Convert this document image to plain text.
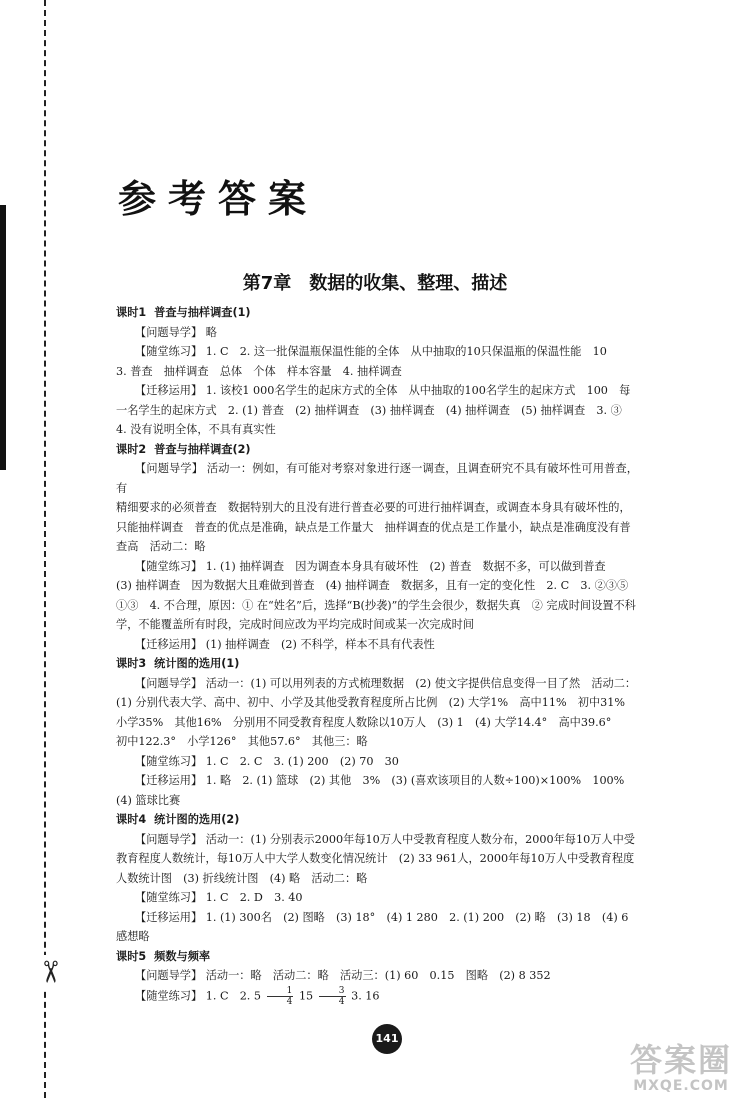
✂
参考答案
第7章　数据的收集、整理、描述

课时1 普查与抽样调查(1)

【问题导学】 略

【随堂练习】 1. C　2. 这一批保温瓶保温性能的全体　从中抽取的10只保温瓶的保温性能　10

3. 普查　抽样调查　总体　个体　样本容量　4. 抽样调查

【迁移运用】 1. 该校1 000名学生的起床方式的全体　从中抽取的100名学生的起床方式　100　每

一名学生的起床方式　2. (1) 普查　(2) 抽样调查　(3) 抽样调查　(4) 抽样调查　(5) 抽样调查　3. ③

4. 没有说明全体，不具有真实性

课时2 普查与抽样调查(2)

【问题导学】 活动一：例如，有可能对考察对象进行逐一调查，且调查研究不具有破坏性可用普查，有

精细要求的必须普查　数据特别大的且没有进行普查必要的可进行抽样调查，或调查本身具有破坏性的，

只能抽样调查　普查的优点是准确，缺点是工作量大　抽样调查的优点是工作量小，缺点是准确度没有普

查高　活动二：略

【随堂练习】 1. (1) 抽样调查　因为调查本身具有破坏性　(2) 普查　数据不多，可以做到普查

(3) 抽样调查　因为数据大且难做到普查　(4) 抽样调查　数据多，且有一定的变化性　2. C　3. ②③⑤

①③　4. 不合理，原因：① 在“姓名”后，选择“B(抄袭)”的学生会很少，数据失真　② 完成时间设置不科

学，不能覆盖所有时段，完成时间应改为平均完成时间或某一次完成时间

【迁移运用】 (1) 抽样调查　(2) 不科学，样本不具有代表性

课时3 统计图的选用(1)

【问题导学】 活动一：(1) 可以用列表的方式梳理数据　(2) 使文字提供信息变得一目了然　活动二：

(1) 分别代表大学、高中、初中、小学及其他受教育程度所占比例　(2) 大学1%　高中11%　初中31%

小学35%　其他16%　分别用不同受教育程度人数除以10万人　(3) 1　(4) 大学14.4°　高中39.6°

初中122.3°　小学126°　其他57.6°　其他三：略

【随堂练习】 1. C　2. C　3. (1) 200　(2) 70　30

【迁移运用】 1. 略　2. (1) 篮球　(2) 其他　3%　(3) (喜欢该项目的人数÷100)×100%　100%

(4) 篮球比赛

课时4 统计图的选用(2)

【问题导学】 活动一：(1) 分别表示2000年每10万人中受教育程度人数分布，2000年每10万人中受

教育程度人数统计，每10万人中大学人数变化情况统计　(2) 33 961人，2000年每10万人中受教育程度

人数统计图　(3) 折线统计图　(4) 略　活动二：略

【随堂练习】 1. C　2. D　3. 40

【迁移运用】 1. (1) 300名　(2) 图略　(3) 18°　(4) 1 280　2. (1) 200　(2) 略　(3) 18　(4) 6

感想略

课时5 频数与频率

【问题导学】 活动一：略　活动二：略　活动三：(1) 60　0.15　图略　(2) 8 352

【随堂练习】 1. C　2. $5 \frac{1}{4} 15 \frac{3}{4} 3$. 16

141
答案圈
MXQE.COM
